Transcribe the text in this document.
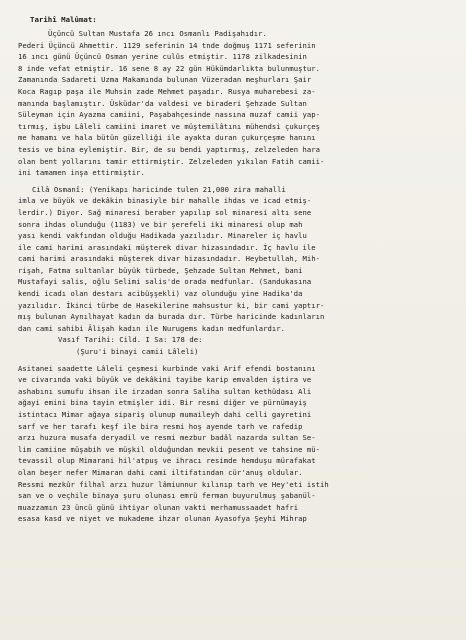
Tarihî Malûmat:
Üçüncü Sultan Mustafa 26 ıncı Osmanlı Padişahıdır.
Pederi Üçüncü Ahmettir. 1129 seferinin 14 tnde doğmuş 1171 seferinin
16 ıncı günü Üçüncü Osman yerine culûs etmiştir. 1178 zilkadesinin
8 inde vefat etmiştir. 16 sene 8 ay 22 gün Hükümdarlıkta bulunmuştur.
Zamanında Sadareti Uzma Makamında bulunan Vüzeradan meşhurları Şair
Koca Ragıp paşa ile Muhsin zade Mehmet paşadır. Rusya muharebesi za-
manında başlamıştır. Üsküdar'da valdesi ve biraderi Şehzade Sultan
Süleyman için Ayazma camiini, Paşabahçesinde nassına muzaf camii yap-
tırmış, işbu Lâleli camiini imaret ve müştemilâtını mühendsi çukurçeş
me hamamı ve hala bütün güzelliği ile ayakta duran çukurçeşme hanını
tesis ve bina eylemiştir. Bir, de su bendi yaptırmış, zelzeleden hara
olan bent yollarını tamir ettirmiştir. Zelzeleden yıkılan Fatih camii-
ini tamamen inşa ettirmiştir.
Cilâ Osmanî: (Yenikapı haricinde tulen 21,000 zira mahalli
imla ve büyük ve dekâkin binasiyle bir mahalle ihdas ve icad etmiş-
lerdir.) Diyor. Sağ minaresi beraber yapılıp sol minaresi altı sene
sonra ihdas olunduğu (1183) ve bir şerefeli iki minaresi olup mah
yası kendi vakfından olduğu Hadikada yazılıdır. Minareler iç havlu
ile cami harimi arasındaki müşterek divar hizasındadır. İç havlu ile
cami harimi arasındaki müşterek divar hizasındadır. Heybetullah, Mih-
rişah, Fatma sultanlar büyük türbede, Şehzade Sultan Mehmet, bani
Mustafayi salis, oğlu Selimi salis'de orada medfunlar. (Sandukasına
kendi icadı olan destarı acibüşşekli) vaz olunduğu yine Hadika'da
yazılıdır. İkinci türbe de Hasekilerine mahsustur ki, bir cami yaptır-
mış bulunan Aynılhayat kadın da burada dır. Türbe haricinde kadınların
dan cami sahibi Âlişah kadın ile Nurugems kadın medfunlardır.
Vasıf Tarihi: Cild. I Sa: 178 de:
(Şuru'i binayi camii Lâleli)
Asitanei saadette Lâleli çeşmesi kurbinde vaki Arif efendi bostanını
ve civarında vaki büyük ve dekâkini tayibe karip emvalden iştira ve
ashabını sumufu ihsan ile irzadan sonra Saliha sultan kethüdası Ali
ağayi emini bina tayin etmişler idi. Bir resmi diğer ve pürnümayiş
istintacı Mimar ağaya sipariş olunup mumaileyh dahi celli gayretini
sarf ve her tarafı keşf ile bira resmi hoş ayende tarh ve rafedip
arzı huzura musafa deryadil ve resmi mezbur badâl nazarda sultan Se-
lim camiine müşabih ve müşkil olduğundan mevkii pesent ve tahsine mü-
tevassil olup Mimarani hil'atpuş ve ihracı resimde hemduşu mürafakat
olan beşer nefer Mimaran dahi cami iltifatından cür'anuş oldular.
Ressmi mezkûr filhal arzı huzur lâmiunnur kılınıp tarh ve Hey'eti istih
san ve o veçhile binaya şuru olunası emrü ferman buyurulmuş şabanül-
muazzamın 23 üncü günü ihtiyar olunan vakti merhamussaadet hafri
esasa kasd ve niyet ve mukademe ihzar olunan Ayasofya Şeyhi Mihrap
